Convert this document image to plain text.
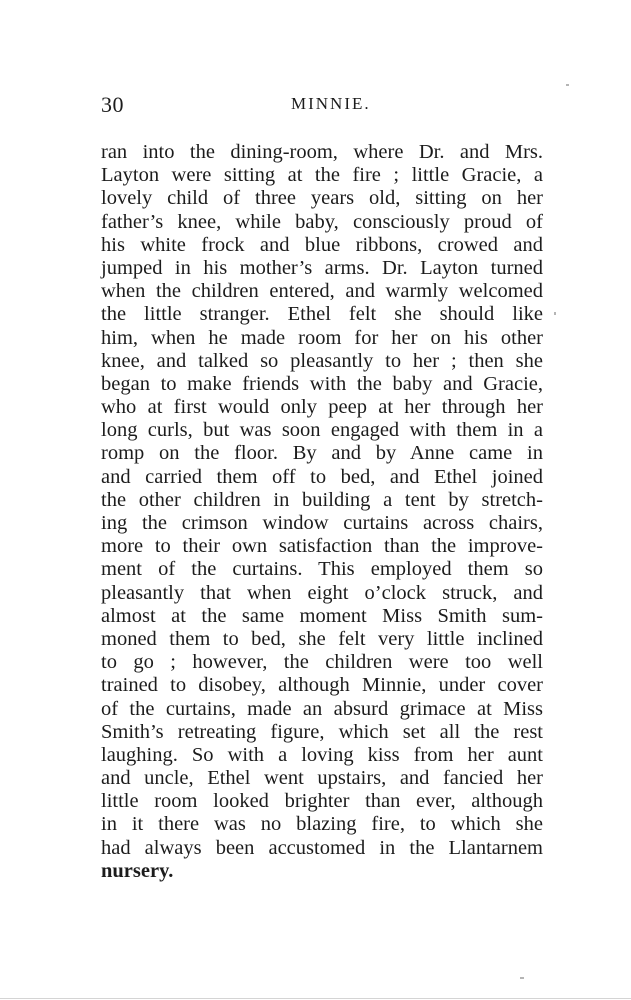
30	MINNIE.
ran into the dining-room, where Dr. and Mrs.
Layton were sitting at the fire ; little Gracie, a
lovely child of three years old, sitting on her
father’s knee, while baby, consciously proud of
his white frock and blue ribbons, crowed and
jumped in his mother’s arms. Dr. Layton turned
when the children entered, and warmly welcomed
the little stranger. Ethel felt she should like
him, when he made room for her on his other
knee, and talked so pleasantly to her ; then she
began to make friends with the baby and Gracie,
who at first would only peep at her through her
long curls, but was soon engaged with them in a
romp on the floor. By and by Anne came in
and carried them off to bed, and Ethel joined
the other children in building a tent by stretch-
ing the crimson window curtains across chairs,
more to their own satisfaction than the improve-
ment of the curtains. This employed them so
pleasantly that when eight o’clock struck, and
almost at the same moment Miss Smith sum-
moned them to bed, she felt very little inclined
to go ; however, the children were too well
trained to disobey, although Minnie, under cover
of the curtains, made an absurd grimace at Miss
Smith’s retreating figure, which set all the rest
laughing. So with a loving kiss from her aunt
and uncle, Ethel went upstairs, and fancied her
little room looked brighter than ever, although
in it there was no blazing fire, to which she
had always been accustomed in the Llantarnem
nursery.
